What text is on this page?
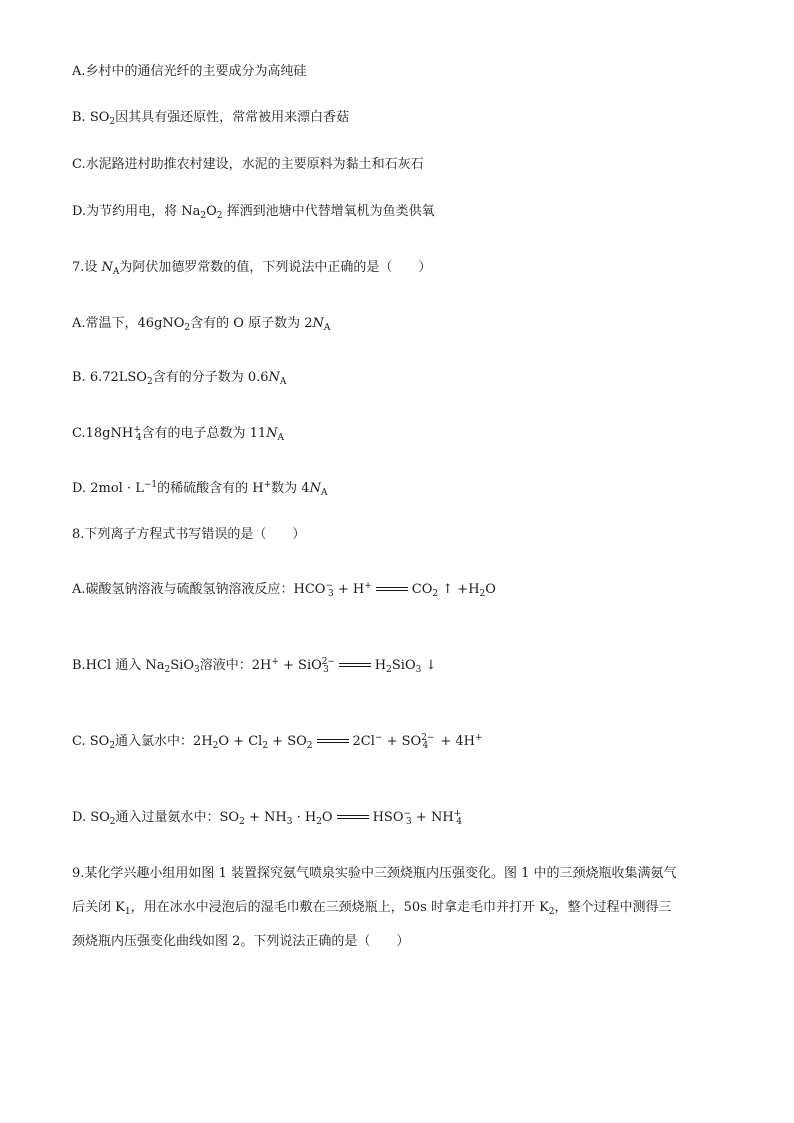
A.乡村中的通信光纤的主要成分为高纯硅
B. $SO_2$因其具有强还原性，常常被用来漂白香菇
C.水泥路进村助推农村建设，水泥的主要原料为黏土和石灰石
D.为节约用电，将 $Na_2O_2$ 挥洒到池塘中代替增氧机为鱼类供氧
7.设 $N_A$为阿伏加德罗常数的值，下列说法中正确的是（　　）
A.常温下，46gNO$_2$含有的 O 原子数为 $2N_A$
B. $6.72LSO_2$含有的分子数为 $0.6N_A$
C.18gNH+$_4$含有的电子总数为 $11N_A$
D. $2mol \cdot L^{-1}$的稀硫酸含有的 H+数为 $4N_A$
8.下列离子方程式书写错误的是（　　）
A.碳酸氢钠溶液与硫酸氢钠溶液反应：$HCO^-_3 + H^+$	$CO_2$ ↑ $+H_2O$
B.HCl 通入 $Na_2SiO_3$溶液中：2H+ + SiO$^{2-}_3$	$H_2SiO_3$ ↓
C. $SO_2$通入氯水中：$2H_2O + Cl_2 + SO_2$	$2Cl^- + SO^{2-}_4 + 4H^+$
D. $SO_2$通入过量氨水中：$SO_2 + NH_3 \cdot H_2O$	$HSO^-_3 + NH^+_4$
9.某化学兴趣小组用如图 1 装置探究氨气喷泉实验中三颈烧瓶内压强变化。图 1 中的三颈烧瓶收集满氨气
后关闭 $K_1$，用在冰水中浸泡后的湿毛巾敷在三颈烧瓶上，50s 时拿走毛巾并打开 $K_2$，整个过程中测得三
颈烧瓶内压强变化曲线如图 2。下列说法正确的是（　　）
